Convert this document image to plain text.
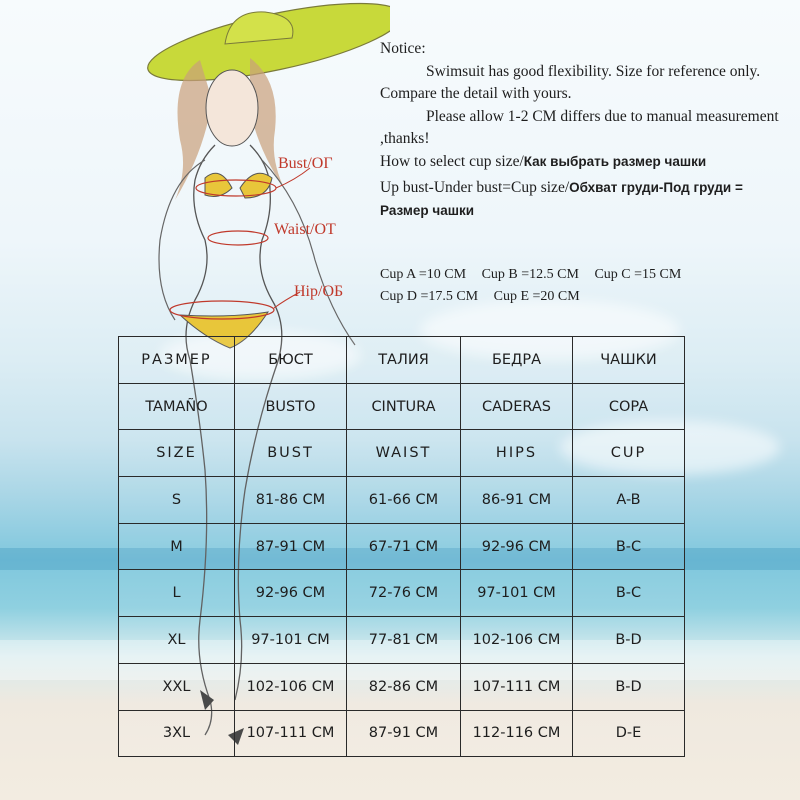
Bust/ОГ
Waist/ОТ
Hip/ОБ

Notice:

Swimsuit has good flexibility. Size for reference only. Compare the detail with yours.

Please allow 1-2 CM differs due to manual measurement ,thanks!

How to select cup size/Как выбрать размер чашки

Up bust-Under bust=Cup size/Обхват груди-Под груди = Размер чашки

Cup A =10 CM Cup B =12.5 CM Cup C =15 CM
Cup D =17.5 CM Cup E =20 CM
РАЗМЕР	БЮСТ	ТАЛИЯ	БЕДРА	ЧАШКИ
TAMAÑO	BUSTO	CINTURA	CADERAS	COPA
SIZE	BUST	WAIST	HIPS	CUP
S	81-86 CM	61-66 CM	86-91 CM	A-B
M	87-91 CM	67-71 CM	92-96 CM	B-C
L	92-96 CM	72-76 CM	97-101 CM	B-C
XL	97-101 CM	77-81 CM	102-106 CM	B-D
XXL	102-106 CM	82-86 CM	107-111 CM	B-D
3XL	107-111 CM	87-91 CM	112-116 CM	D-E
